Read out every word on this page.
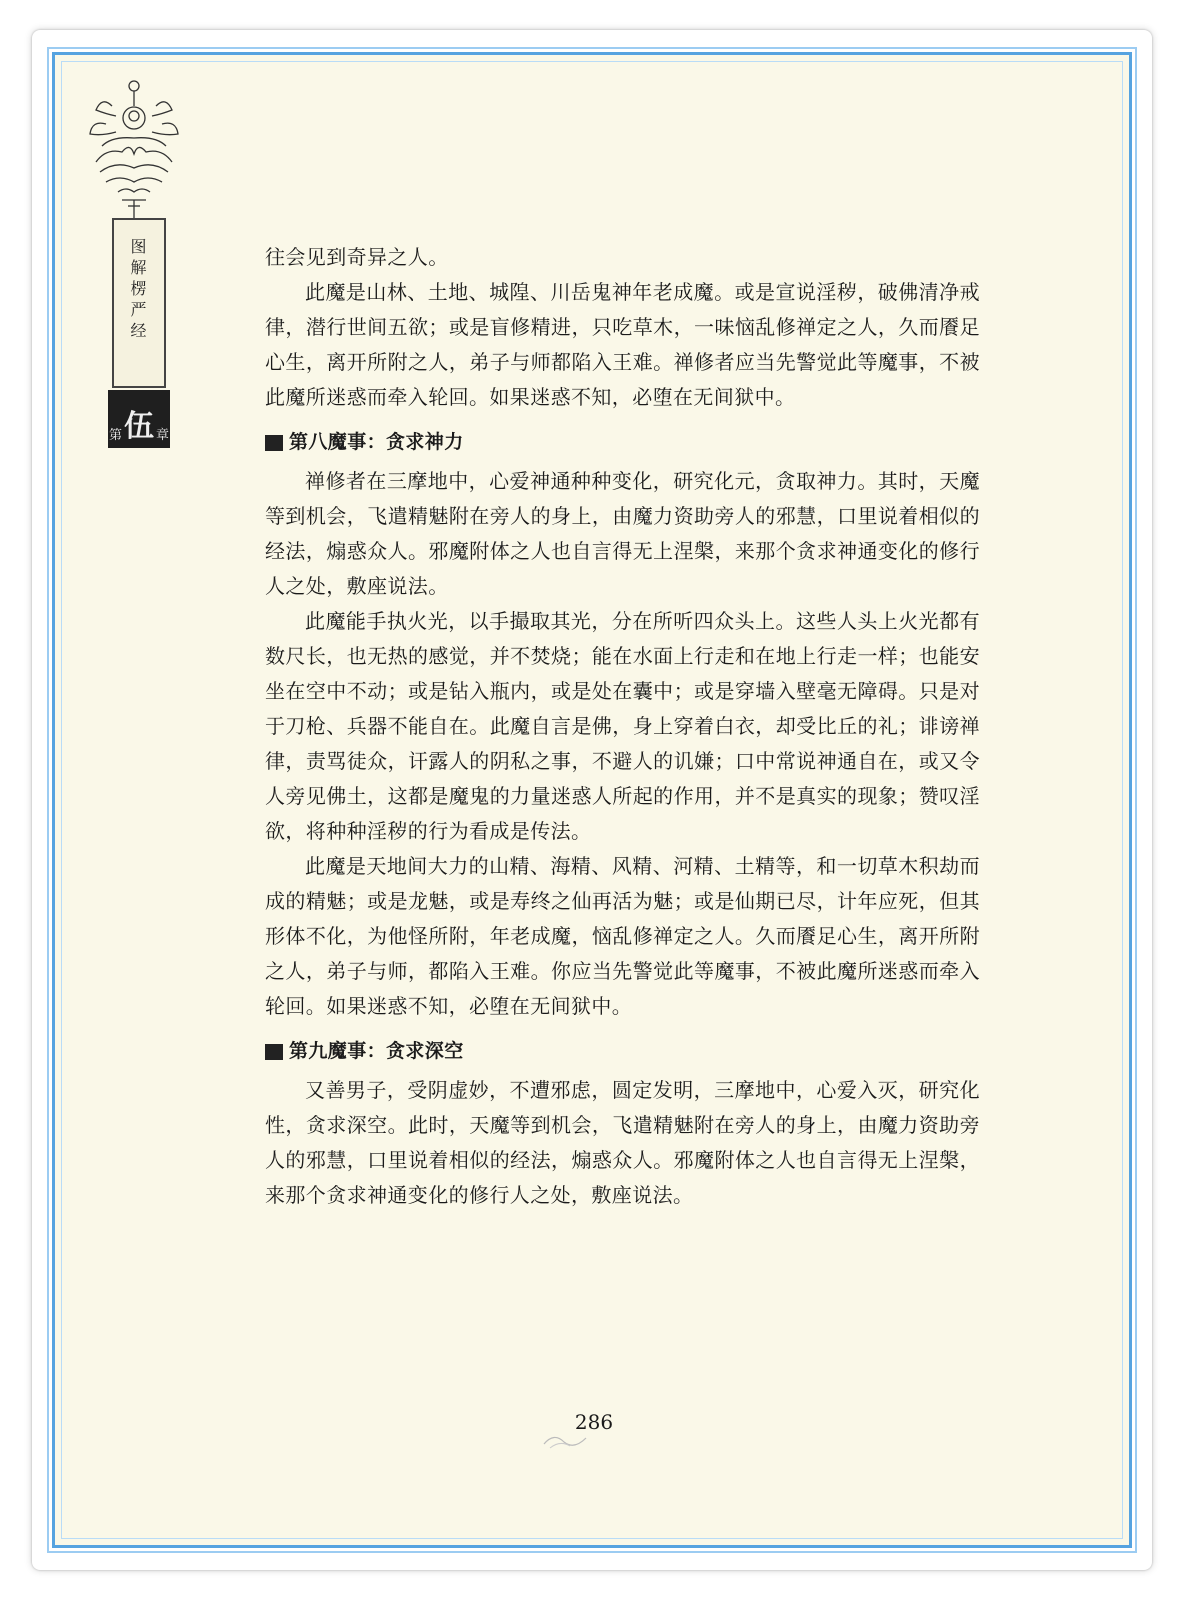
图解楞严经
第 伍 章

往会见到奇异之人。

此魔是山林、土地、城隍、川岳鬼神年老成魔。或是宣说淫秽，破佛清净戒律，潜行世间五欲；或是盲修精进，只吃草木，一味恼乱修禅定之人，久而餍足心生，离开所附之人，弟子与师都陷入王难。禅修者应当先警觉此等魔事，不被此魔所迷惑而牵入轮回。如果迷惑不知，必堕在无间狱中。

第八魔事：贪求神力

禅修者在三摩地中，心爱神通种种变化，研究化元，贪取神力。其时，天魔等到机会，飞遣精魅附在旁人的身上，由魔力资助旁人的邪慧，口里说着相似的经法，煽惑众人。邪魔附体之人也自言得无上涅槃，来那个贪求神通变化的修行人之处，敷座说法。

此魔能手执火光，以手撮取其光，分在所听四众头上。这些人头上火光都有数尺长，也无热的感觉，并不焚烧；能在水面上行走和在地上行走一样；也能安坐在空中不动；或是钻入瓶内，或是处在囊中；或是穿墙入壁毫无障碍。只是对于刀枪、兵器不能自在。此魔自言是佛，身上穿着白衣，却受比丘的礼；诽谤禅律，责骂徒众，讦露人的阴私之事，不避人的讥嫌；口中常说神通自在，或又令人旁见佛土，这都是魔鬼的力量迷惑人所起的作用，并不是真实的现象；赞叹淫欲，将种种淫秽的行为看成是传法。

此魔是天地间大力的山精、海精、风精、河精、土精等，和一切草木积劫而成的精魅；或是龙魅，或是寿终之仙再活为魅；或是仙期已尽，计年应死，但其形体不化，为他怪所附，年老成魔，恼乱修禅定之人。久而餍足心生，离开所附之人，弟子与师，都陷入王难。你应当先警觉此等魔事，不被此魔所迷惑而牵入轮回。如果迷惑不知，必堕在无间狱中。

第九魔事：贪求深空

又善男子，受阴虚妙，不遭邪虑，圆定发明，三摩地中，心爱入灭，研究化性，贪求深空。此时，天魔等到机会，飞遣精魅附在旁人的身上，由魔力资助旁人的邪慧，口里说着相似的经法，煽惑众人。邪魔附体之人也自言得无上涅槃，来那个贪求神通变化的修行人之处，敷座说法。

286
